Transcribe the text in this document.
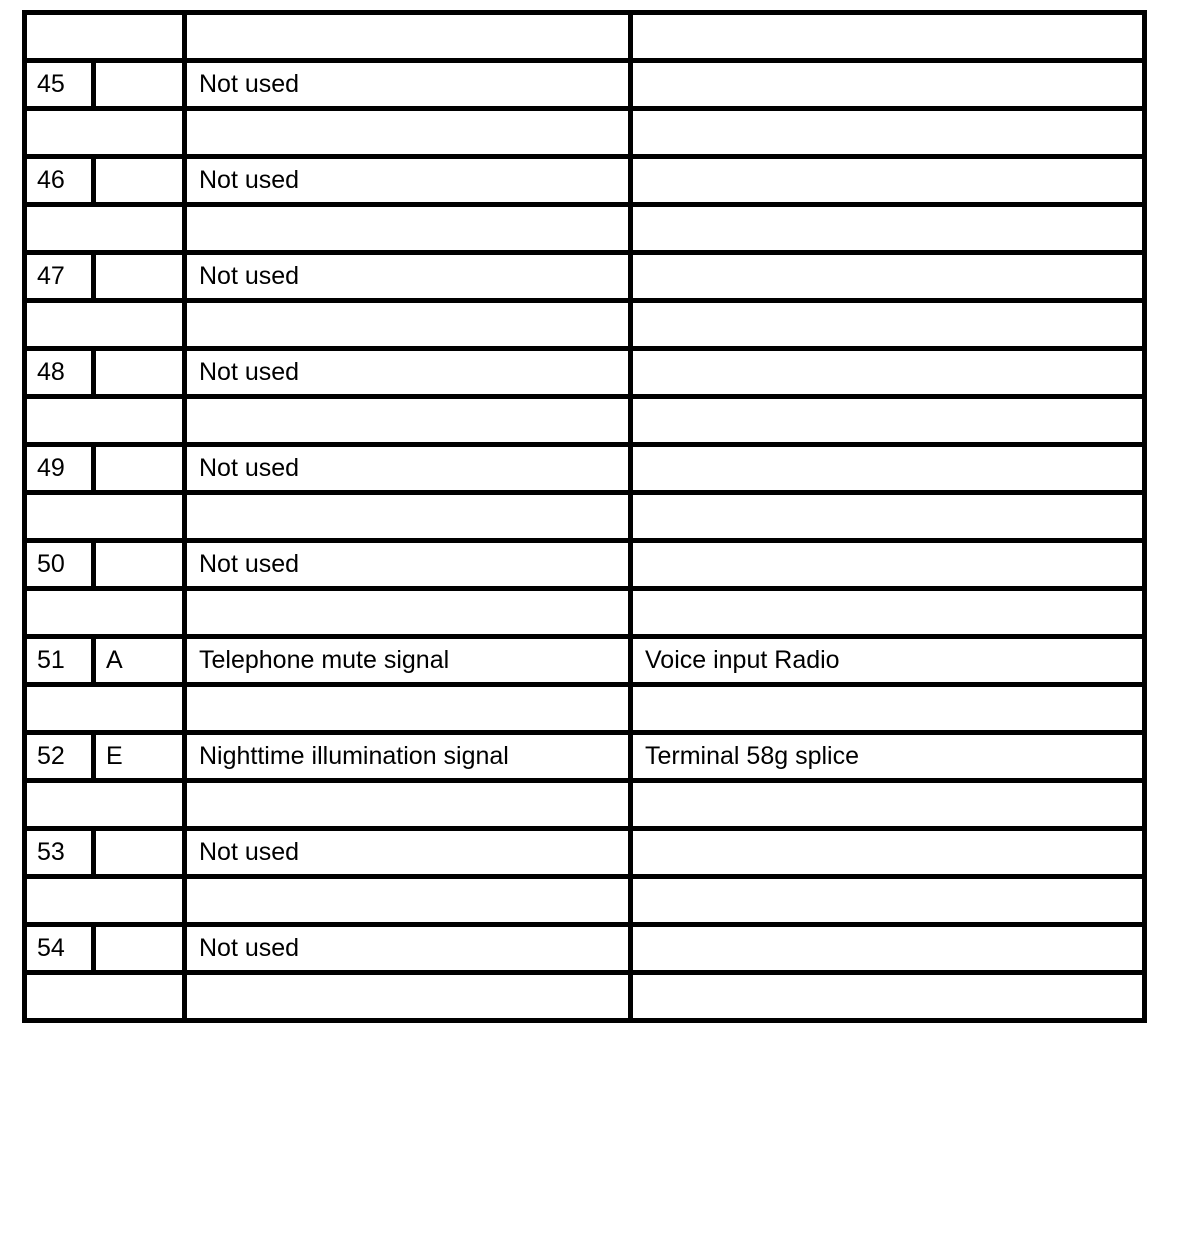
45		Not used	

46		Not used	

47		Not used	

48		Not used	

49		Not used	

50		Not used	

51	A	Telephone mute signal	Voice input Radio

52	E	Nighttime illumination signal	Terminal 58g splice

53		Not used	

54		Not used	
